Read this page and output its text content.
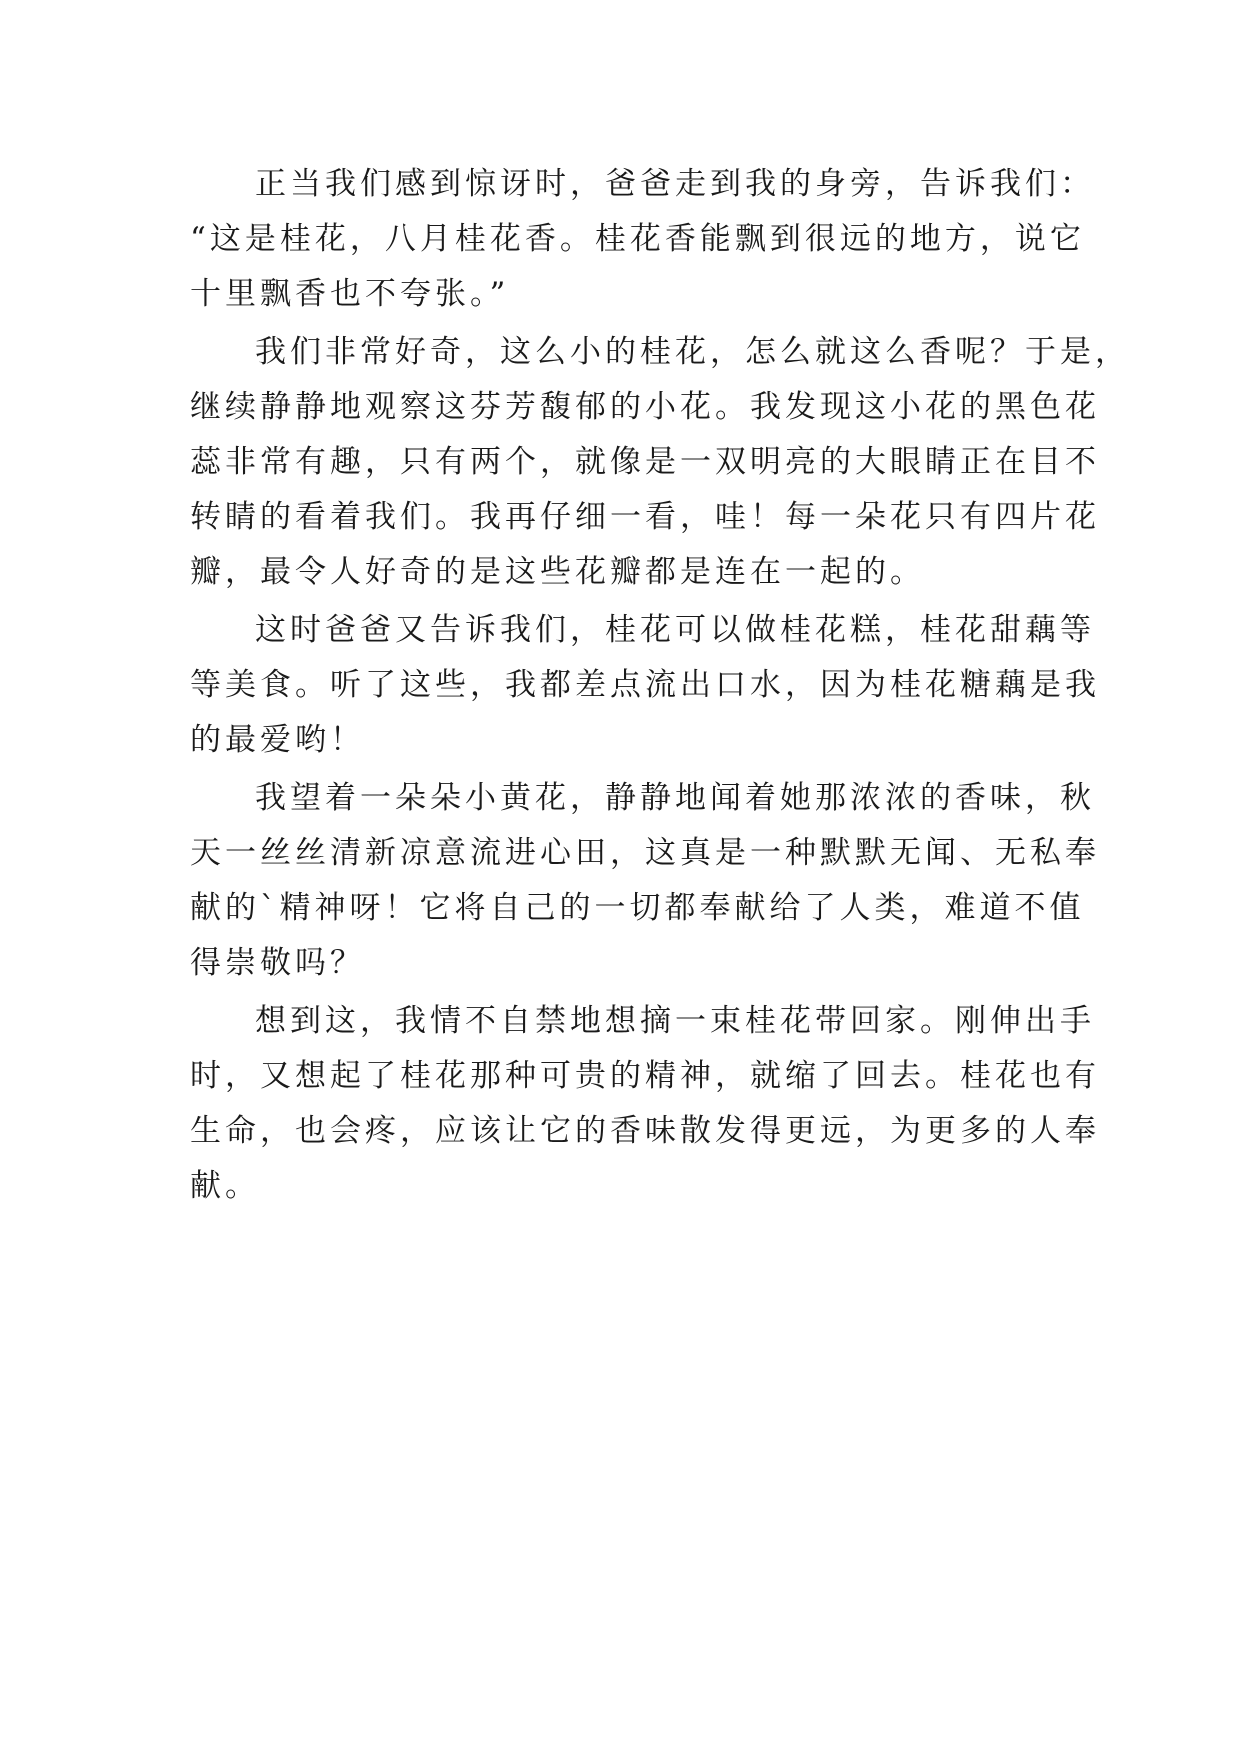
正当我们感到惊讶时，爸爸走到我的身旁，告诉我们：
“这是桂花，八月桂花香。桂花香能飘到很远的地方，说它
十里飘香也不夸张。”
我们非常好奇，这么小的桂花，怎么就这么香呢？于是，
继续静静地观察这芬芳馥郁的小花。我发现这小花的黑色花
蕊非常有趣，只有两个，就像是一双明亮的大眼睛正在目不
转睛的看着我们。我再仔细一看，哇！每一朵花只有四片花
瓣，最令人好奇的是这些花瓣都是连在一起的。
这时爸爸又告诉我们，桂花可以做桂花糕，桂花甜藕等
等美食。听了这些，我都差点流出口水，因为桂花糖藕是我
的最爱哟！
我望着一朵朵小黄花，静静地闻着她那浓浓的香味，秋
天一丝丝清新凉意流进心田，这真是一种默默无闻、无私奉
献的`精神呀！它将自己的一切都奉献给了人类，难道不值
得崇敬吗？
想到这，我情不自禁地想摘一束桂花带回家。刚伸出手
时，又想起了桂花那种可贵的精神，就缩了回去。桂花也有
生命，也会疼，应该让它的香味散发得更远，为更多的人奉
献。
